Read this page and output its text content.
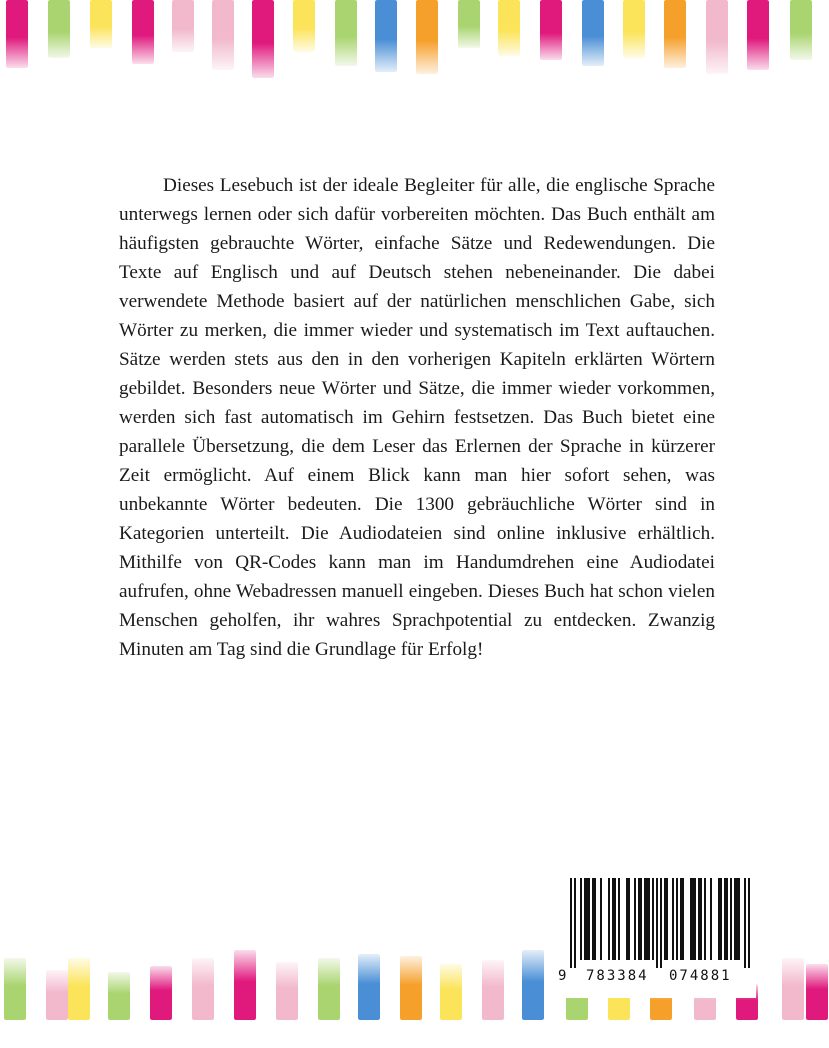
Dieses Lesebuch ist der ideale Begleiter für alle, die englische Sprache unterwegs lernen oder sich dafür vorbereiten möchten. Das Buch enthält am häufigsten gebrauchte Wörter, einfache Sätze und Redewendungen. Die Texte auf Englisch und auf Deutsch stehen nebeneinander. Die dabei verwendete Methode basiert auf der natürlichen menschlichen Gabe, sich Wörter zu merken, die immer wieder und systematisch im Text auftauchen. Sätze werden stets aus den in den vorherigen Kapiteln erklärten Wörtern gebildet. Besonders neue Wörter und Sätze, die immer wieder vorkommen, werden sich fast automatisch im Gehirn festsetzen. Das Buch bietet eine parallele Übersetzung, die dem Leser das Erlernen der Sprache in kürzerer Zeit ermöglicht. Auf einem Blick kann man hier sofort sehen, was unbekannte Wörter bedeuten. Die 1300 gebräuchliche Wörter sind in Kategorien unterteilt. Die Audiodateien sind online inklusive erhältlich. Mithilfe von QR-Codes kann man im Handumdrehen eine Audiodatei aufrufen, ohne Webadressen manuell eingeben. Dieses Buch hat schon vielen Menschen geholfen, ihr wahres Sprachpotential zu entdecken. Zwanzig Minuten am Tag sind die Grundlage für Erfolg!

9

783384

074881
